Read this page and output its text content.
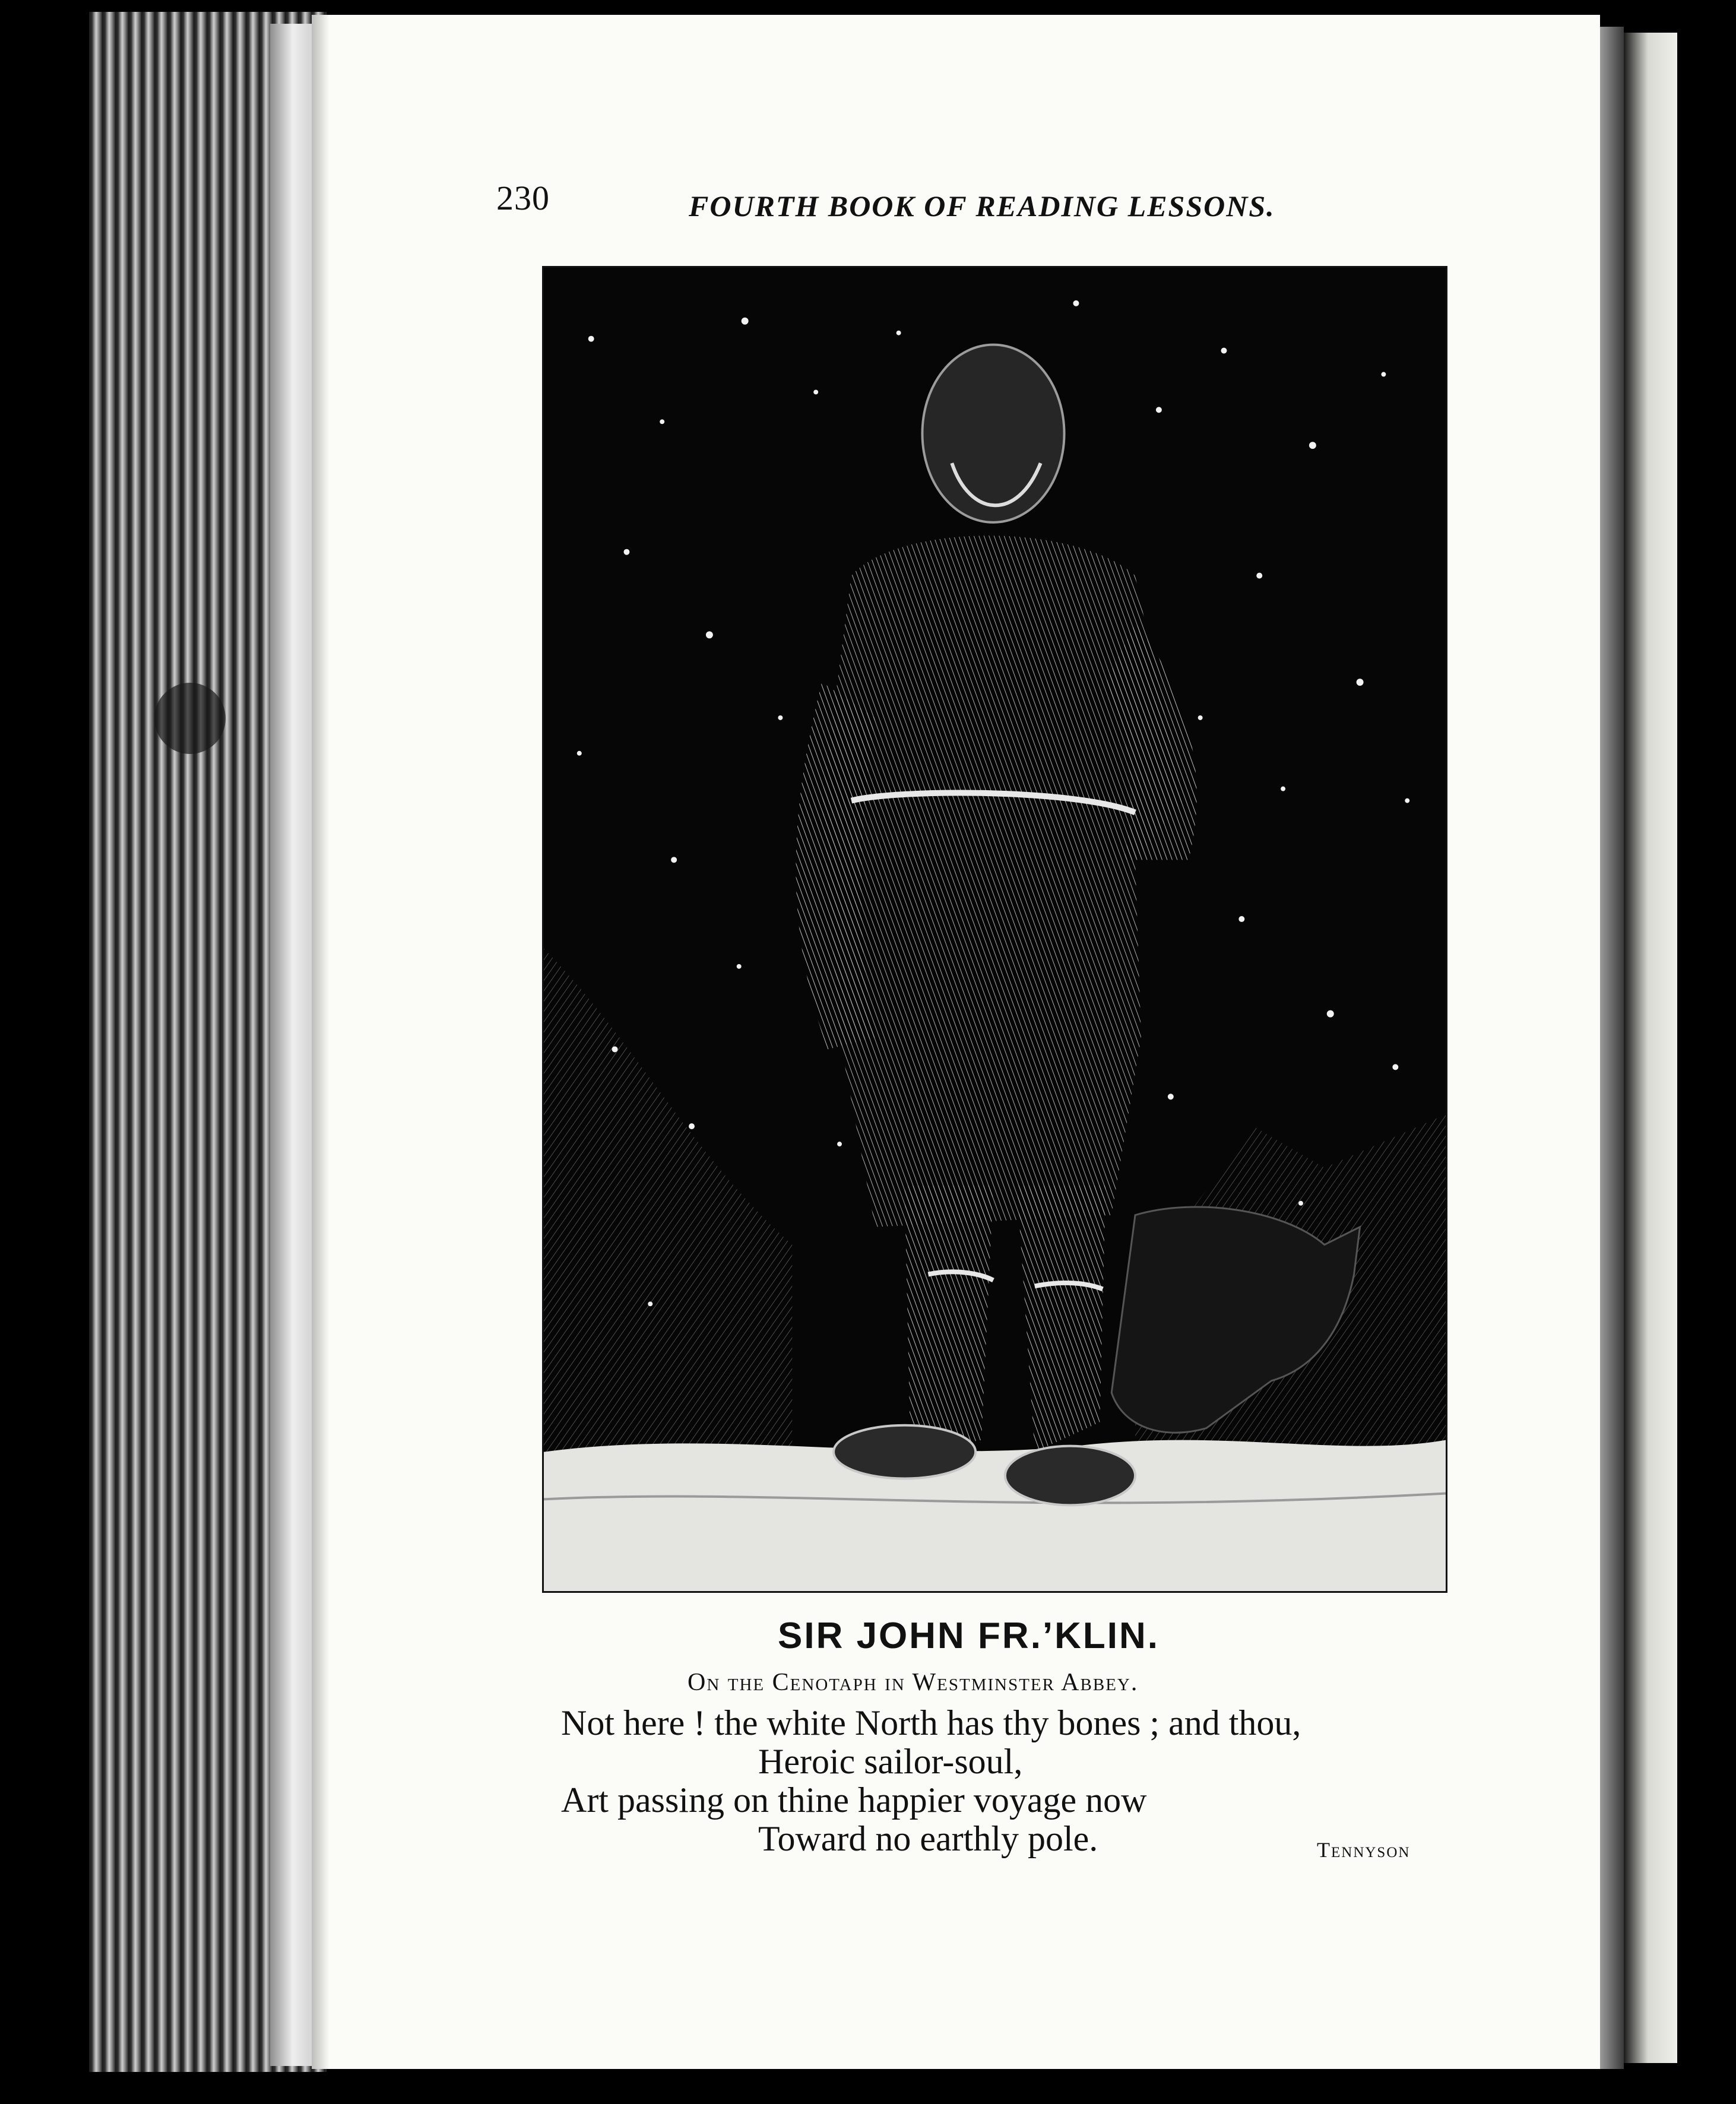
230	FOURTH BOOK OF READING LESSONS.
SIR JOHN FR.’KLIN.
On the Cenotaph in Westminster Abbey.
Not here ! the white North has thy bones ; and thou,
Heroic sailor-soul,
Art passing on thine happier voyage now
Toward no earthly pole.	Tennyson
